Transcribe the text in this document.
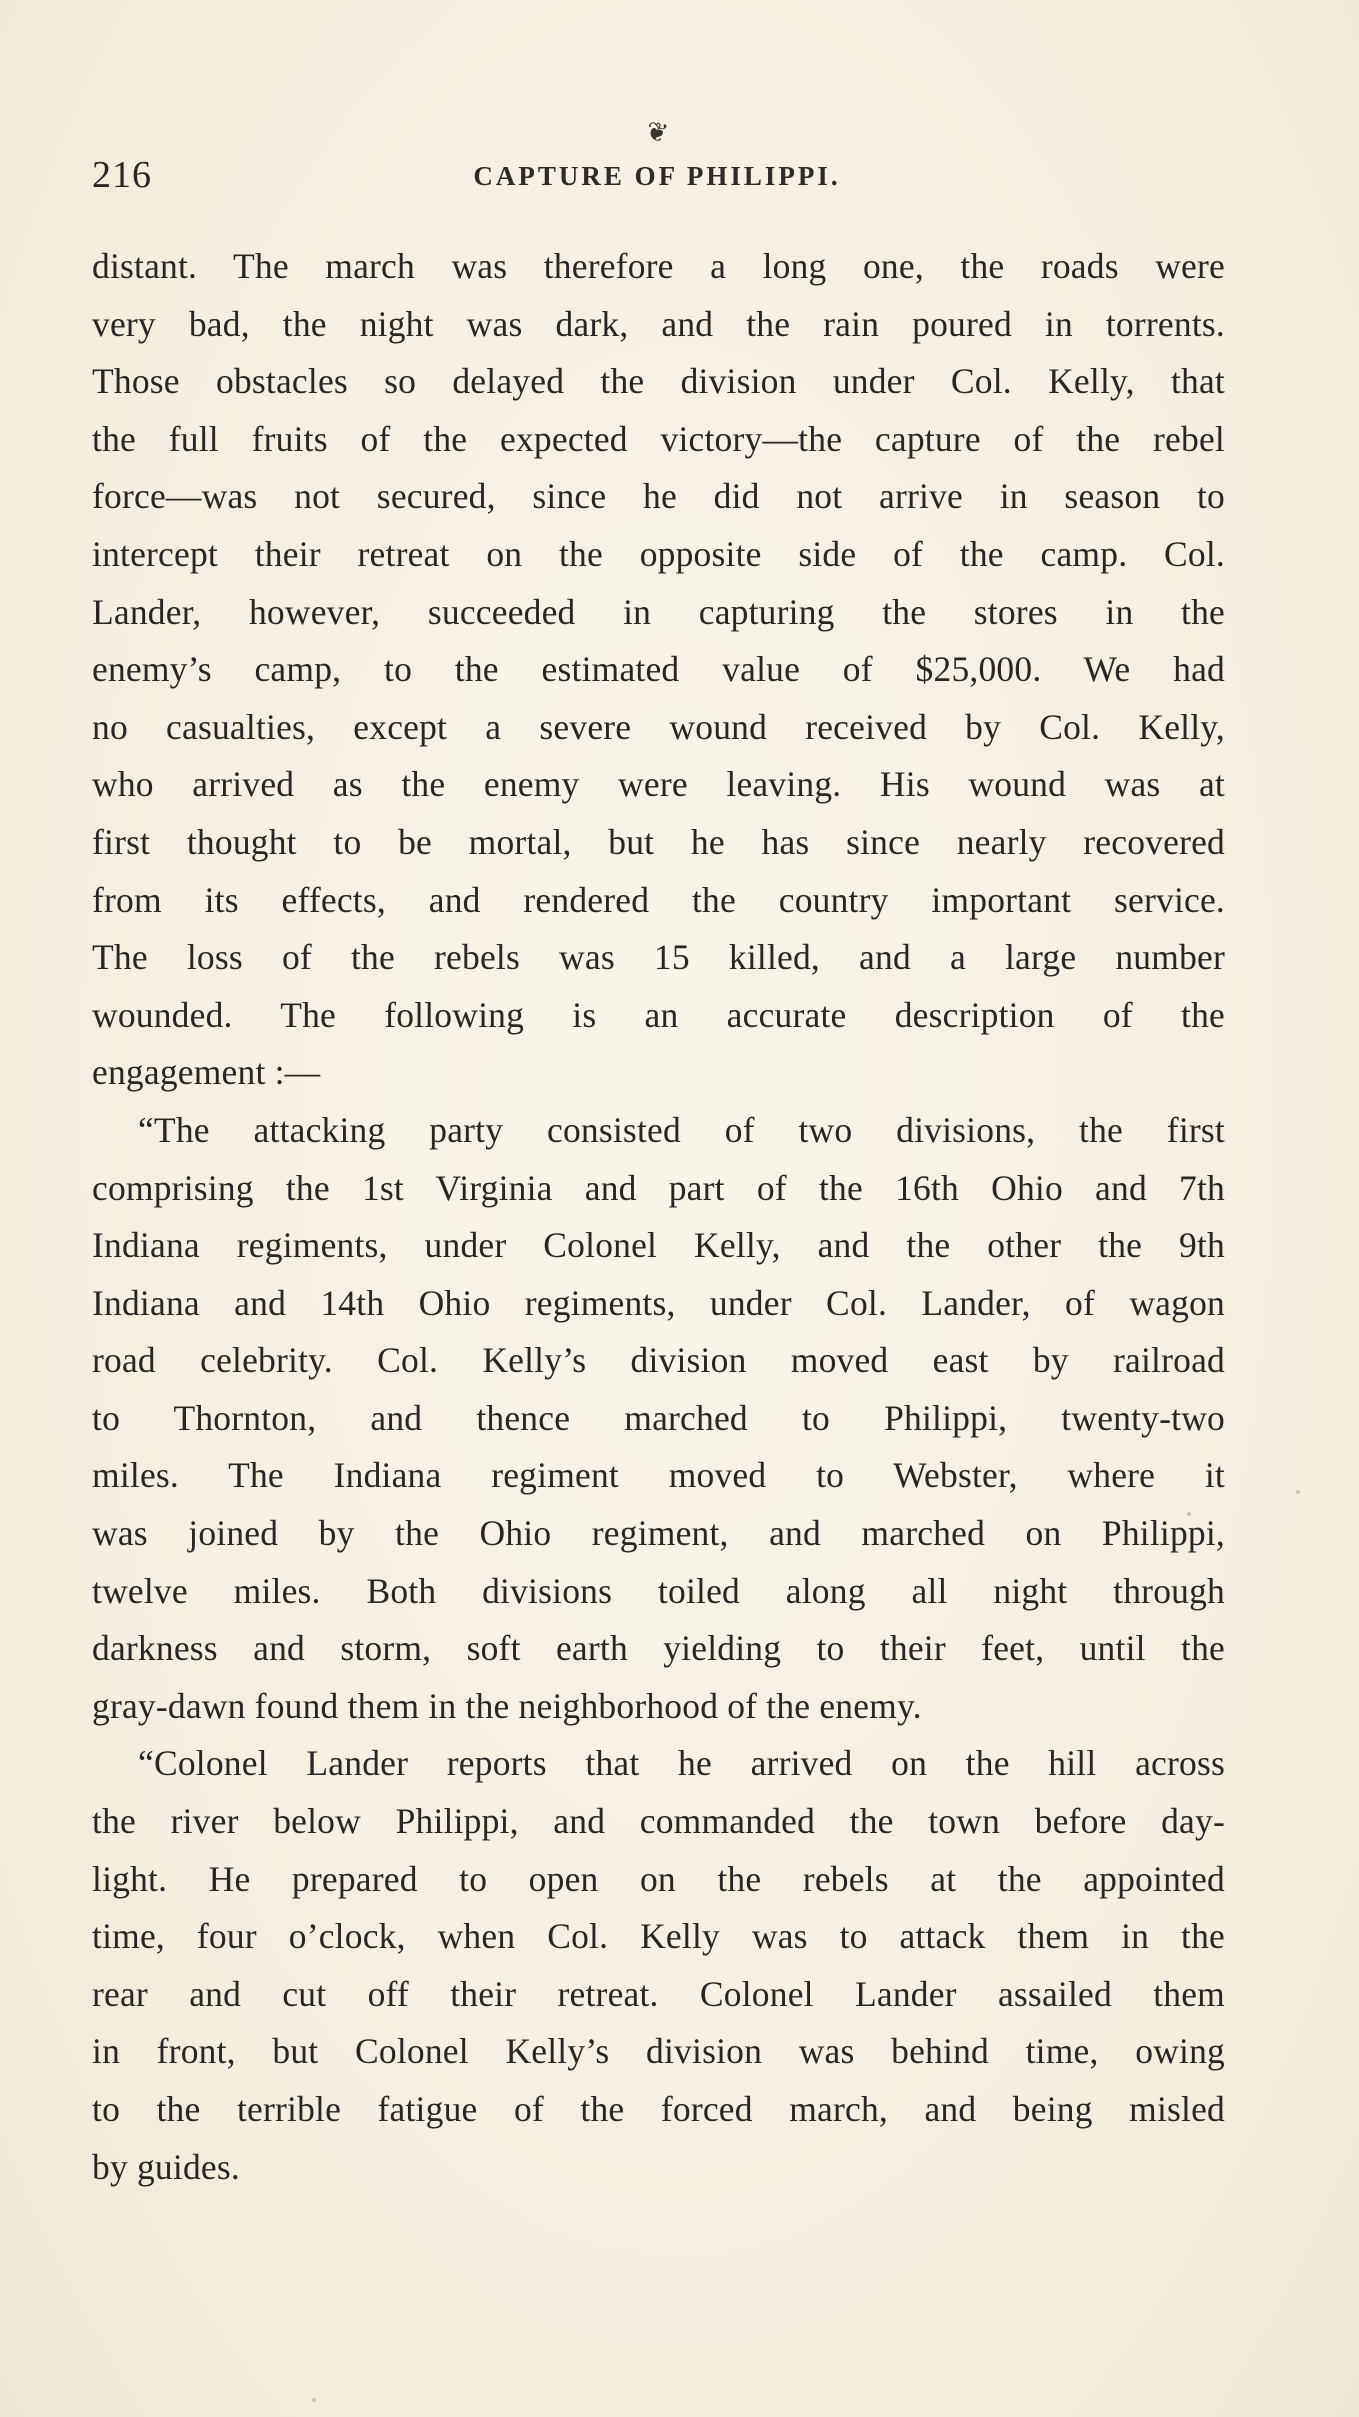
❦
216	CAPTURE OF PHILIPPI.
distant. The march was therefore a long one, the roads were
very bad, the night was dark, and the rain poured in torrents.
Those obstacles so delayed the division under Col. Kelly, that
the full fruits of the expected victory—the capture of the rebel
force—was not secured, since he did not arrive in season to
intercept their retreat on the opposite side of the camp. Col.
Lander, however, succeeded in capturing the stores in the
enemy’s camp, to the estimated value of $25,000. We had
no casualties, except a severe wound received by Col. Kelly,
who arrived as the enemy were leaving. His wound was at
first thought to be mortal, but he has since nearly recovered
from its effects, and rendered the country important service.
The loss of the rebels was 15 killed, and a large number
wounded. The following is an accurate description of the
engagement :—
“The attacking party consisted of two divisions, the first
comprising the 1st Virginia and part of the 16th Ohio and 7th
Indiana regiments, under Colonel Kelly, and the other the 9th
Indiana and 14th Ohio regiments, under Col. Lander, of wagon
road celebrity. Col. Kelly’s division moved east by railroad
to Thornton, and thence marched to Philippi, twenty-two
miles. The Indiana regiment moved to Webster, where it
was joined by the Ohio regiment, and marched on Philippi,
twelve miles. Both divisions toiled along all night through
darkness and storm, soft earth yielding to their feet, until the
gray-dawn found them in the neighborhood of the enemy.
“Colonel Lander reports that he arrived on the hill across
the river below Philippi, and commanded the town before day-
light. He prepared to open on the rebels at the appointed
time, four o’clock, when Col. Kelly was to attack them in the
rear and cut off their retreat. Colonel Lander assailed them
in front, but Colonel Kelly’s division was behind time, owing
to the terrible fatigue of the forced march, and being misled
by guides.
